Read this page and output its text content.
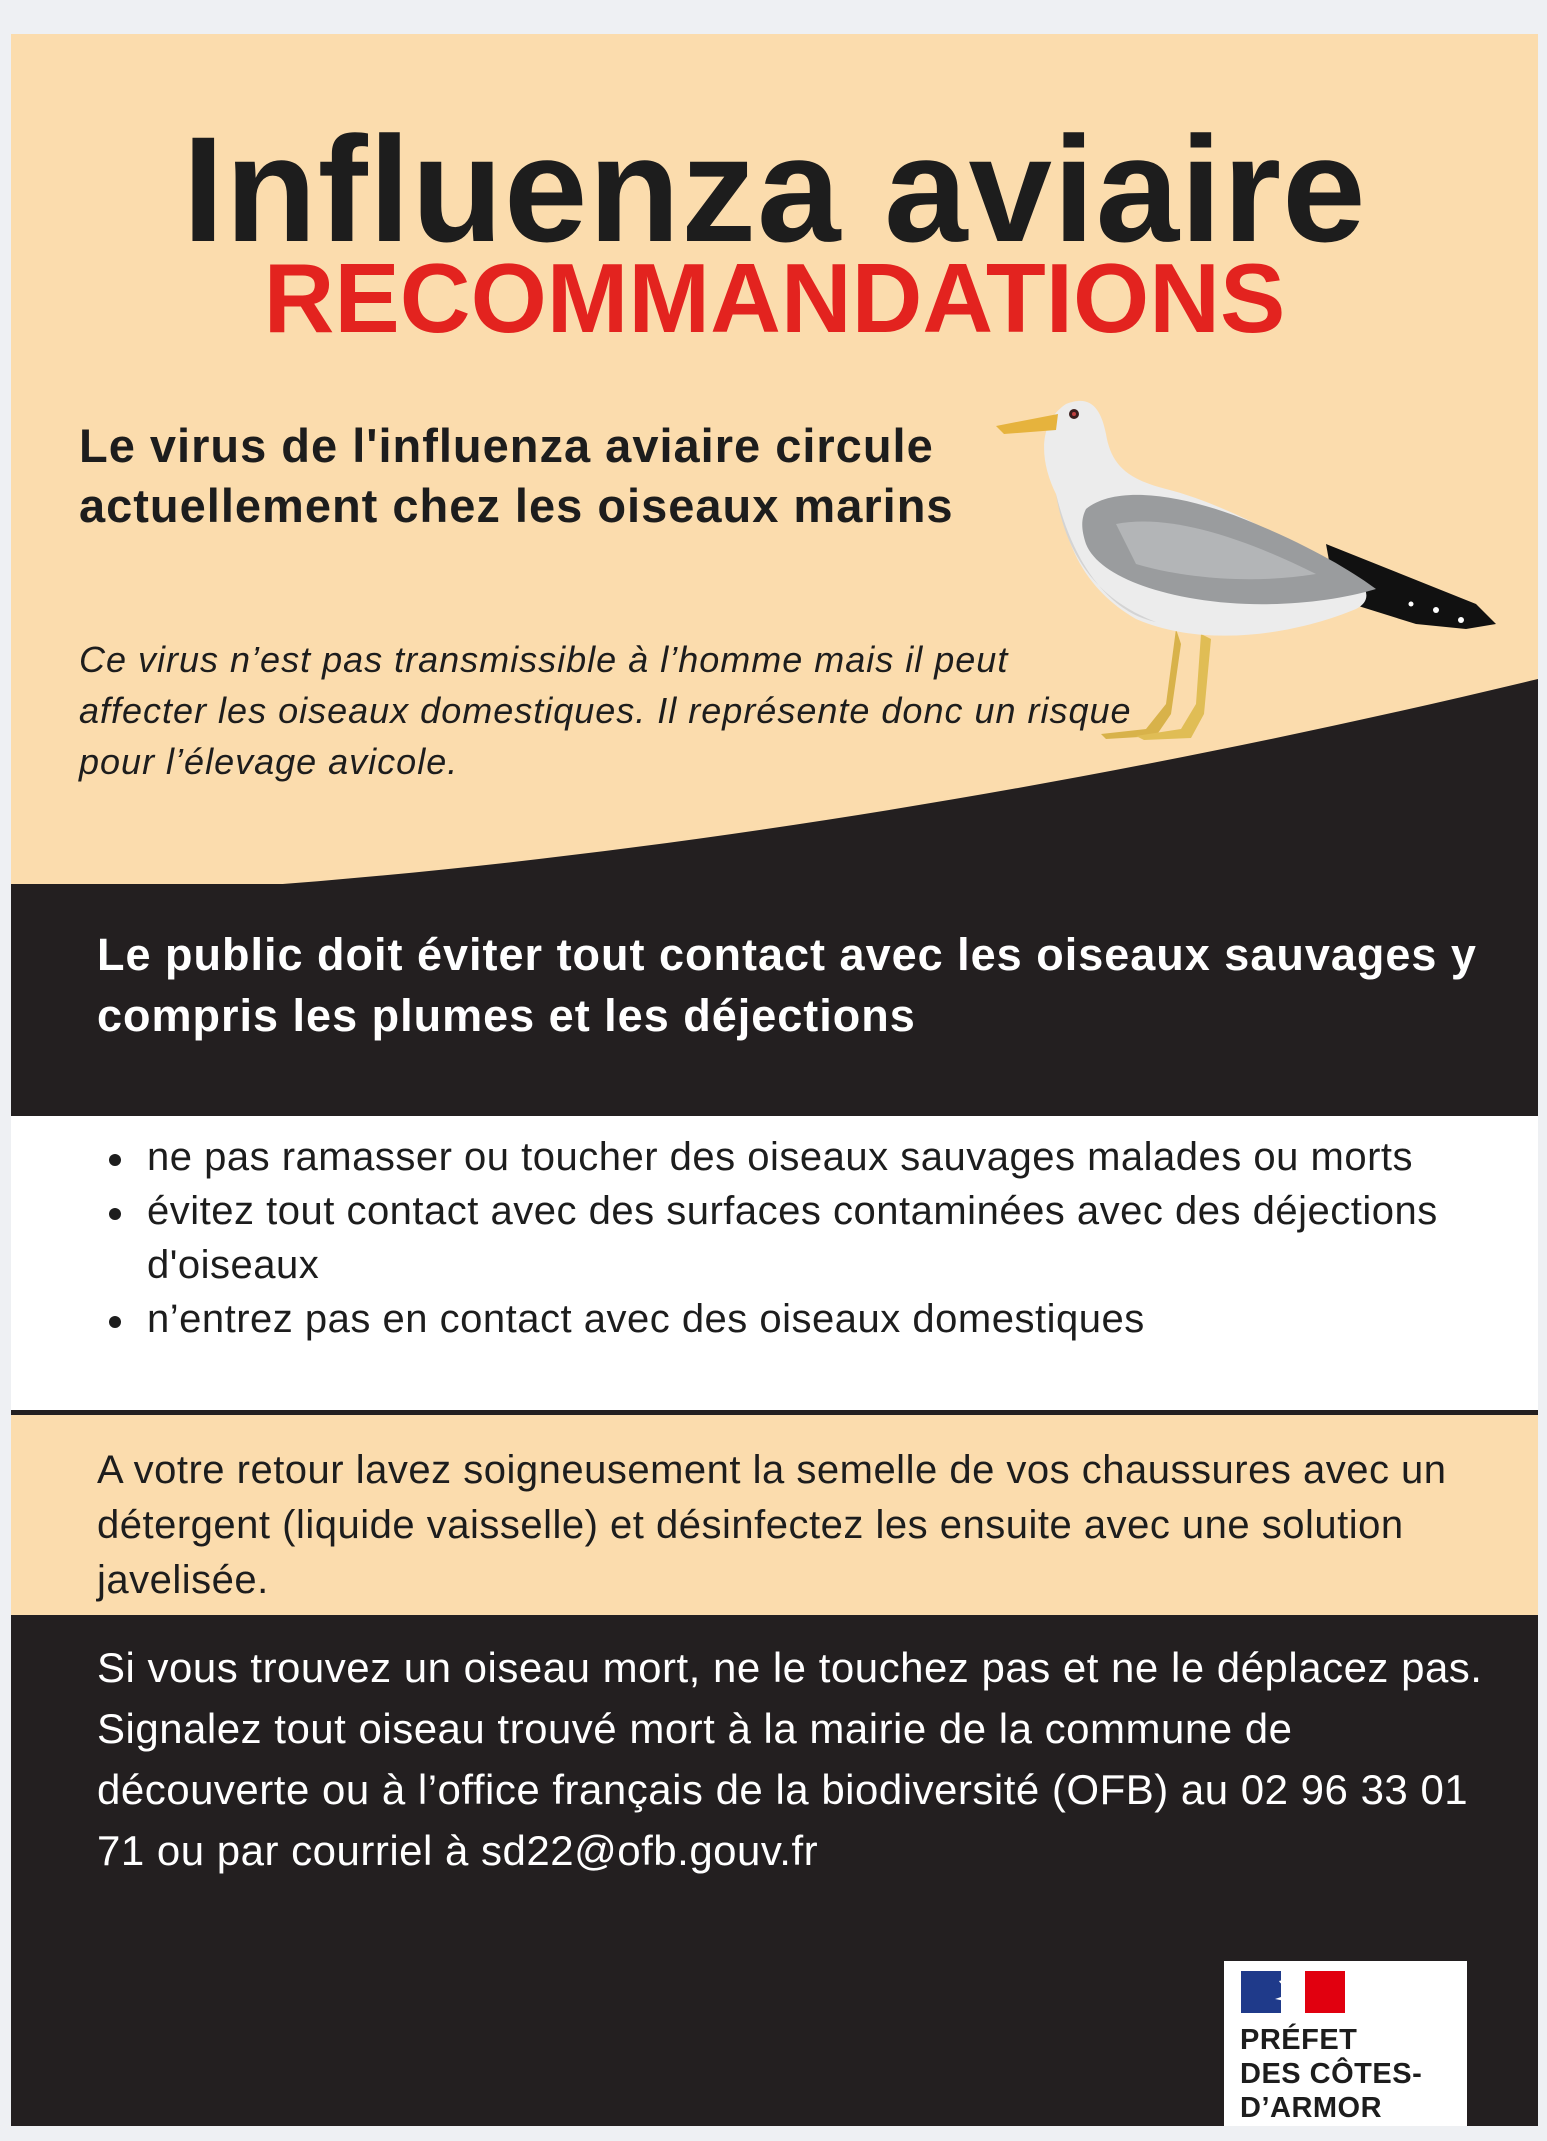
Influenza aviaire
RECOMMANDATIONS

Le virus de l'influenza aviaire circule actuellement chez les oiseaux marins

Ce virus n’est pas transmissible à l’homme mais il peut affecter les oiseaux domestiques. Il représente donc un risque pour l’élevage avicole.

Le public doit éviter tout contact avec les oiseaux sauvages y compris les plumes et les déjections

ne pas ramasser ou toucher des oiseaux sauvages malades ou morts
évitez tout contact avec des surfaces contaminées avec des déjections d'oiseaux
n’entrez pas en contact avec des oiseaux domestiques

A votre retour lavez soigneusement la semelle de vos chaussures avec un détergent (liquide vaisselle) et désinfectez les ensuite avec une solution javelisée.

Si vous trouvez un oiseau mort, ne le touchez pas et ne le déplacez pas.
Signalez tout oiseau trouvé mort à la mairie de la commune de découverte ou à l’office français de la biodiversité (OFB) au 02 96 33 01 71 ou par courriel à sd22@ofb.gouv.fr

PRÉFET
DES CÔTES-
D’ARMOR
